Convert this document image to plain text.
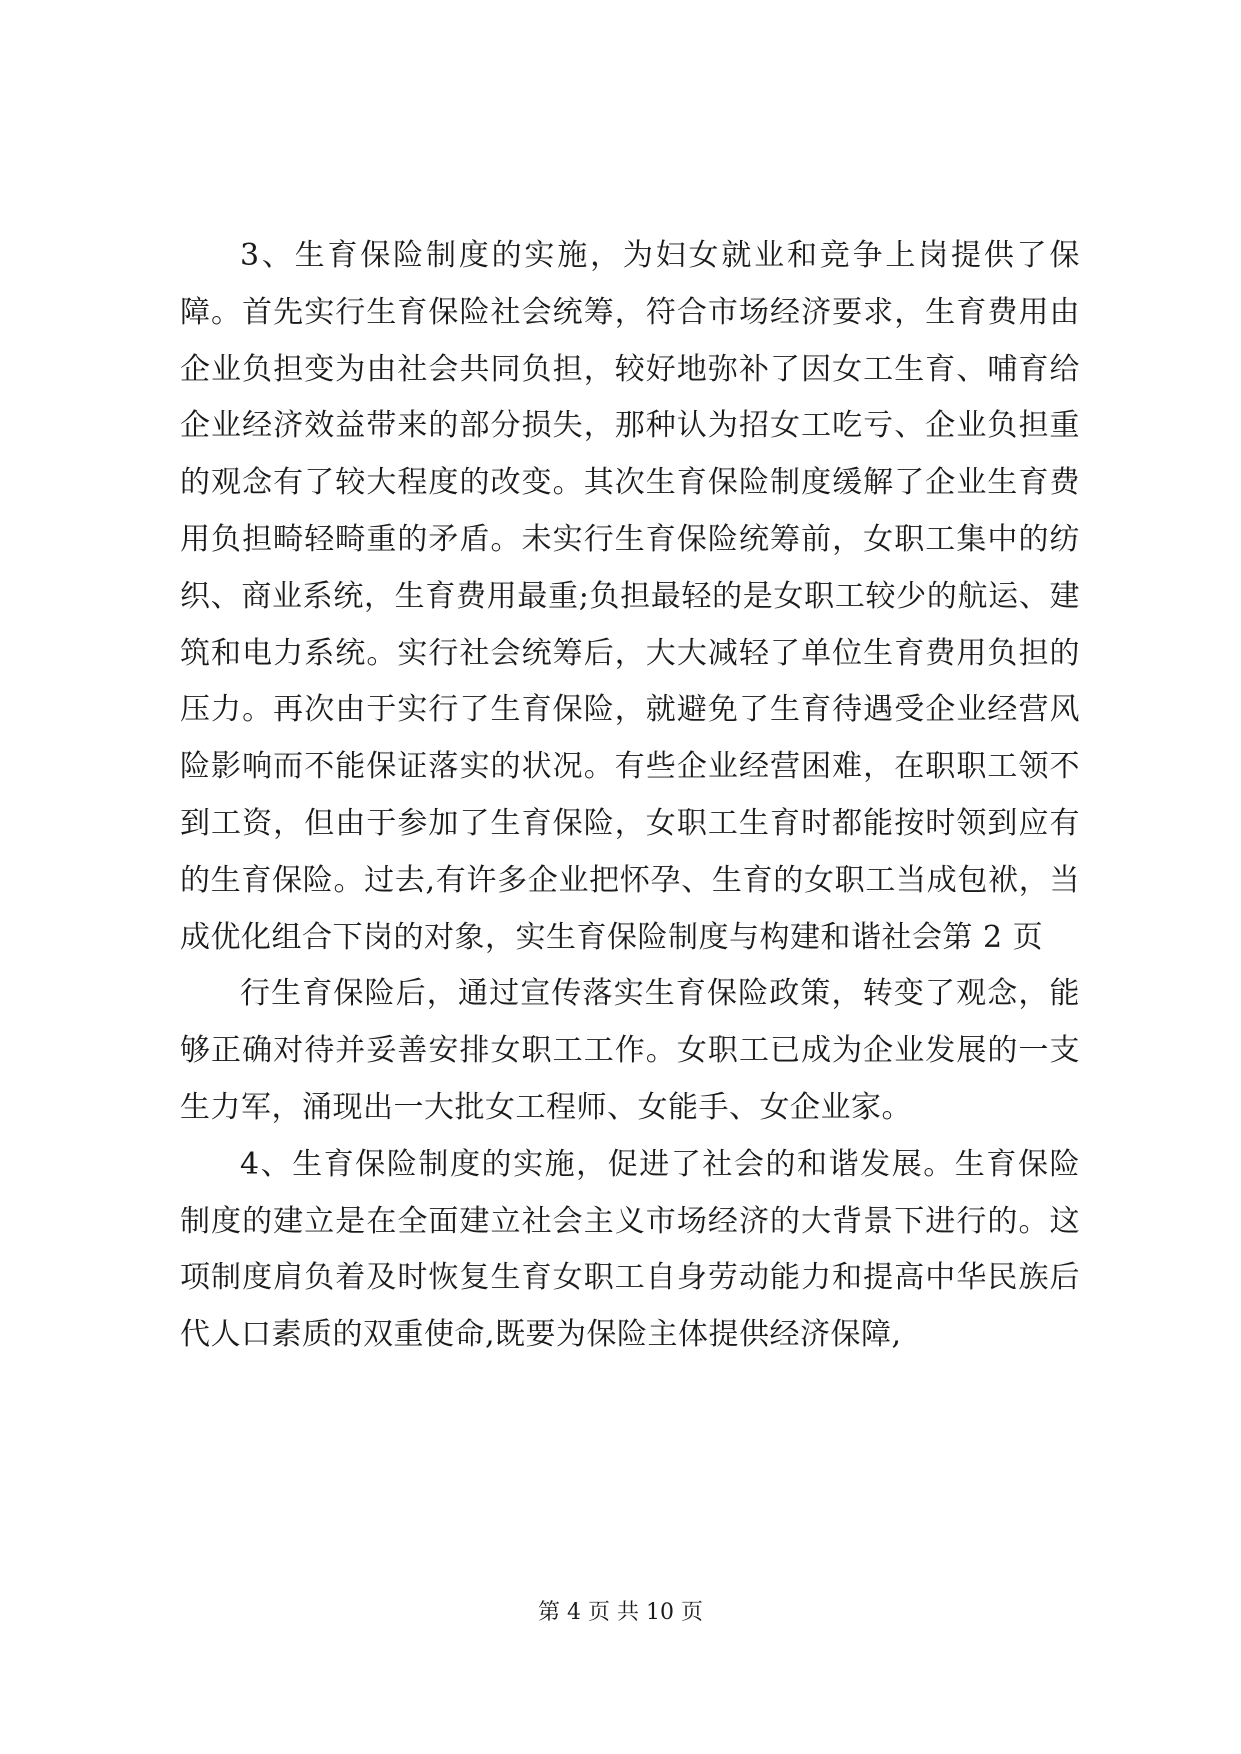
3、生育保险制度的实施，为妇女就业和竞争上岗提供了保障。首先实行生育保险社会统筹，符合市场经济要求，生育费用由企业负担变为由社会共同负担，较好地弥补了因女工生育、哺育给企业经济效益带来的部分损失，那种认为招女工吃亏、企业负担重的观念有了较大程度的改变。其次生育保险制度缓解了企业生育费用负担畸轻畸重的矛盾。未实行生育保险统筹前，女职工集中的纺织、商业系统，生育费用最重;负担最轻的是女职工较少的航运、建筑和电力系统。实行社会统筹后，大大减轻了单位生育费用负担的压力。再次由于实行了生育保险，就避免了生育待遇受企业经营风险影响而不能保证落实的状况。有些企业经营困难，在职职工领不到工资，但由于参加了生育保险，女职工生育时都能按时领到应有的生育保险。过去,有许多企业把怀孕、生育的女职工当成包袱，当成优化组合下岗的对象，实生育保险制度与构建和谐社会第 2 页

行生育保险后，通过宣传落实生育保险政策，转变了观念，能够正确对待并妥善安排女职工工作。女职工已成为企业发展的一支生力军，涌现出一大批女工程师、女能手、女企业家。

4、生育保险制度的实施，促进了社会的和谐发展。生育保险制度的建立是在全面建立社会主义市场经济的大背景下进行的。这项制度肩负着及时恢复生育女职工自身劳动能力和提高中华民族后代人口素质的双重使命,既要为保险主体提供经济保障,

第 4 页 共 10 页
